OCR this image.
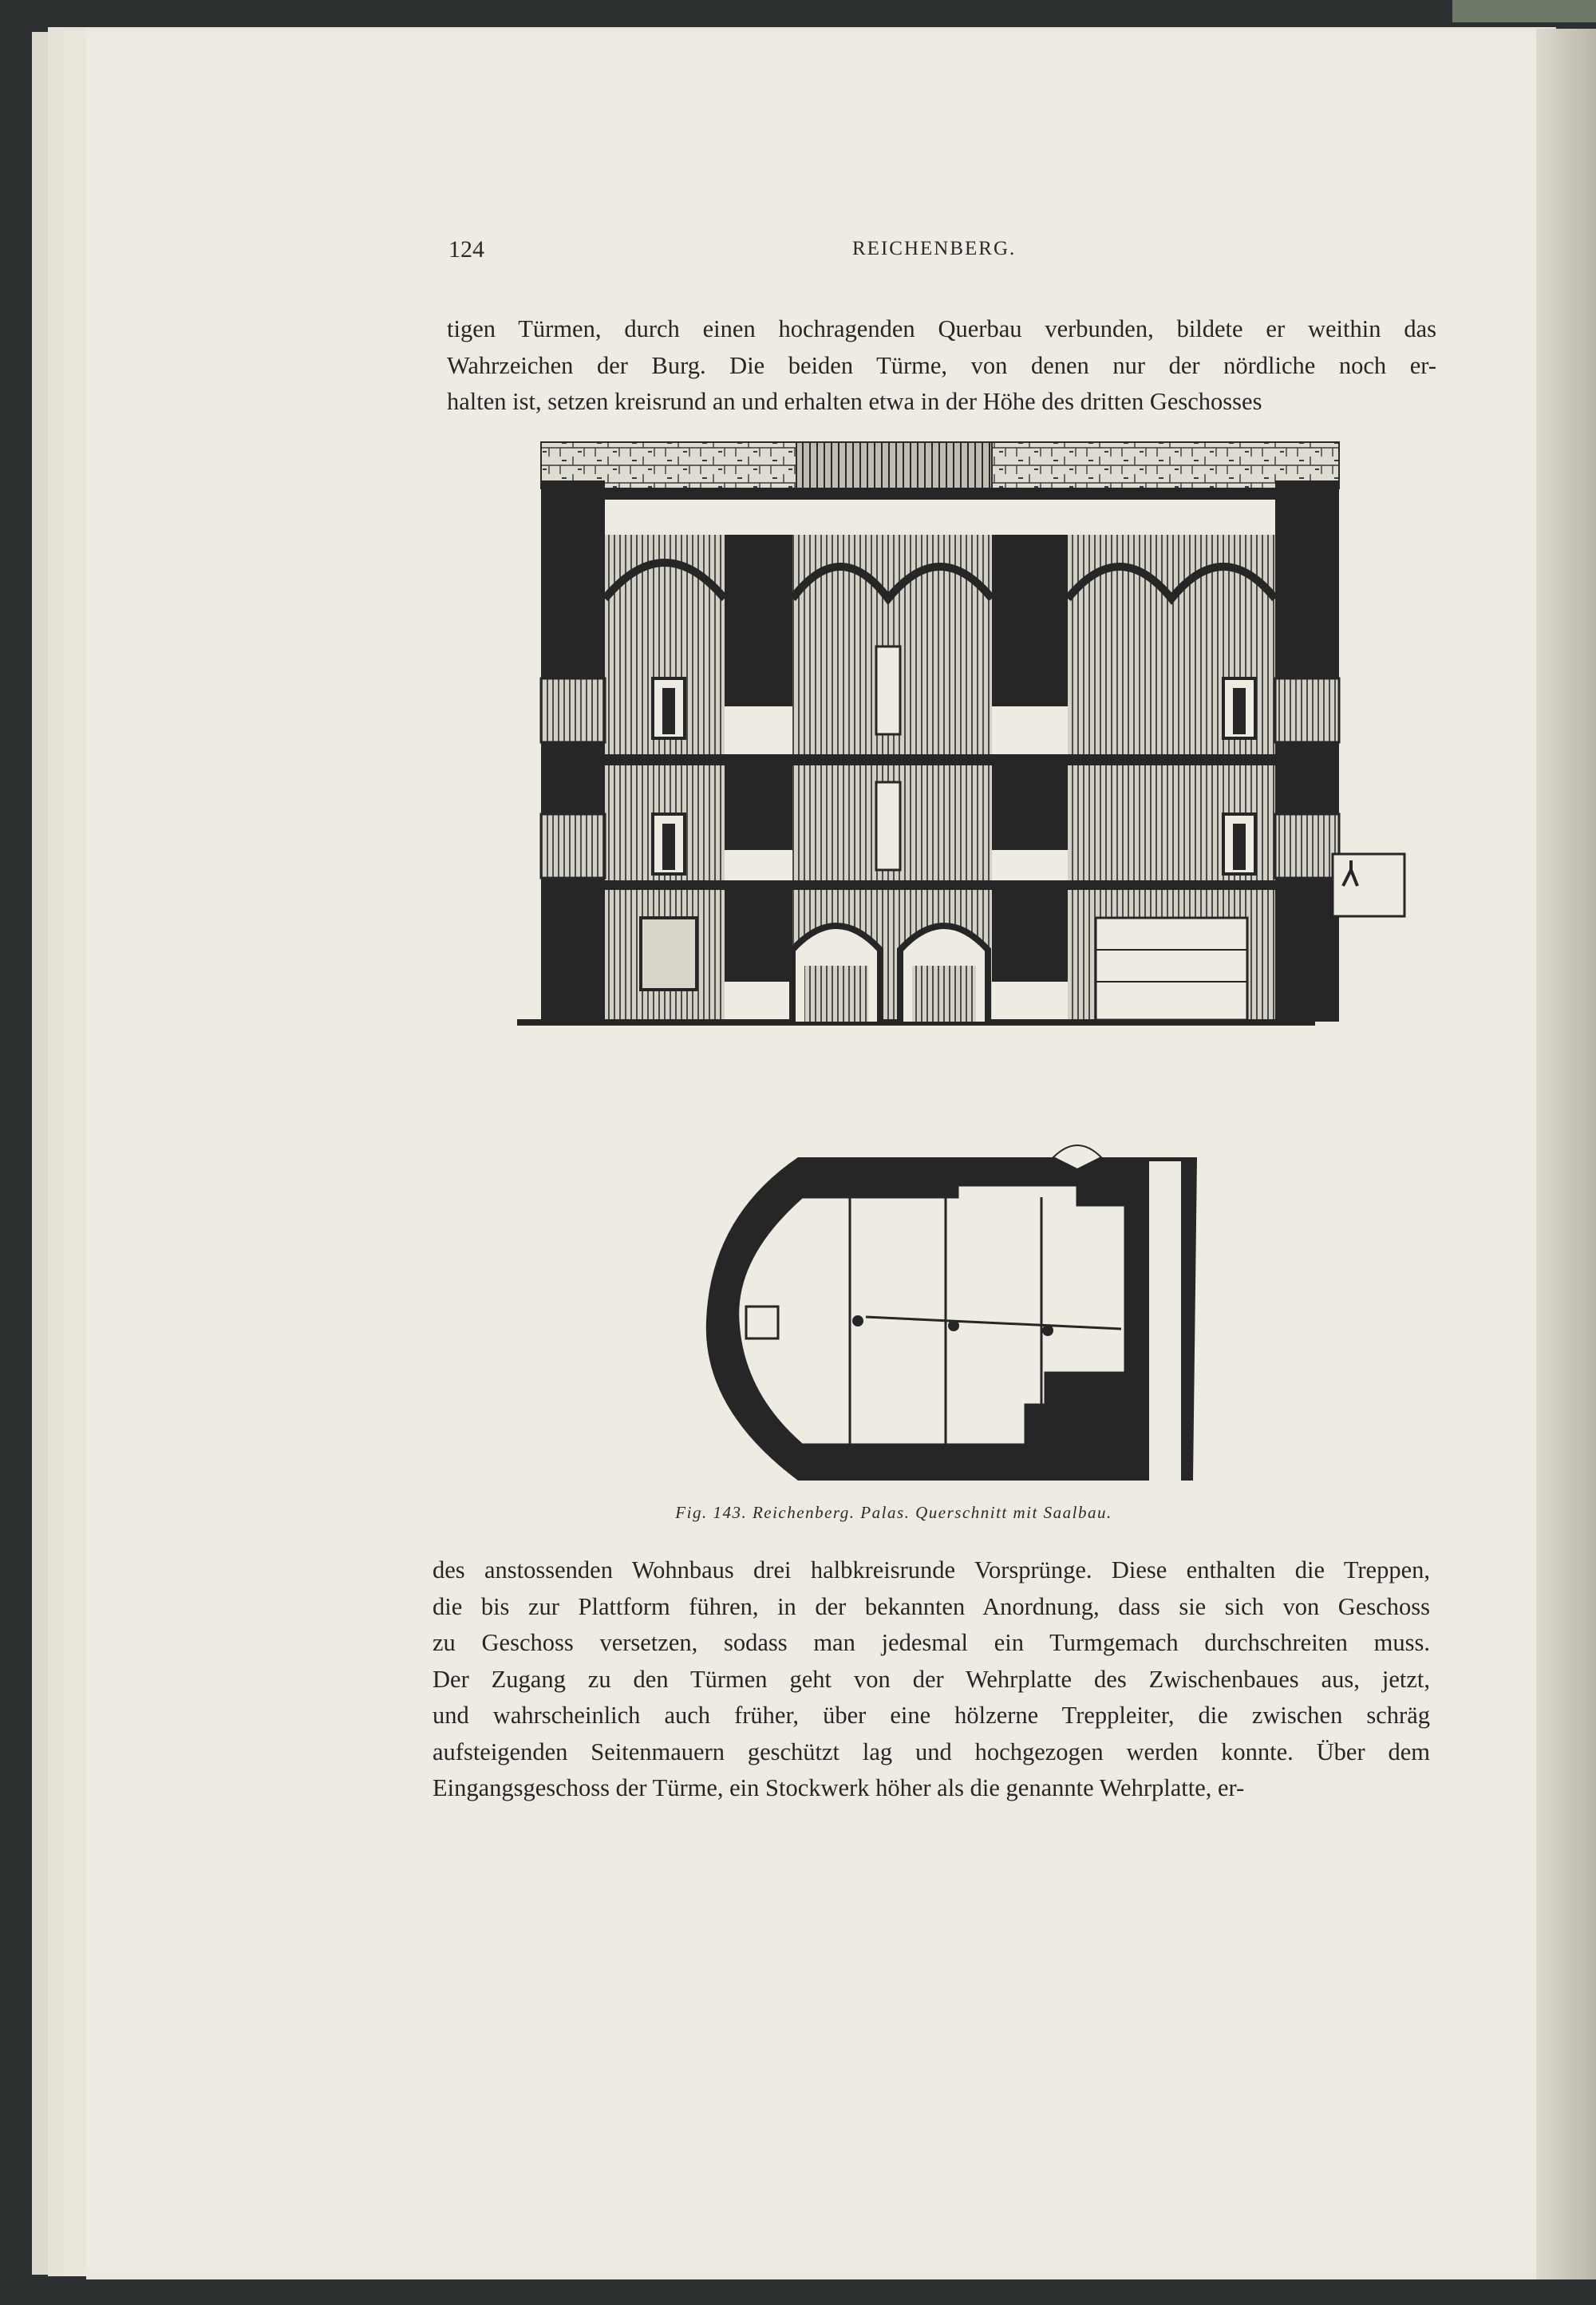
124	REICHENBERG.
tigen Türmen, durch einen hochragenden Querbau verbunden, bildete er weithin das
Wahrzeichen der Burg. Die beiden Türme, von denen nur der nördliche noch er-
halten ist, setzen kreisrund an und erhalten etwa in der Höhe des dritten Geschosses
Fig. 143. Reichenberg. Palas. Querschnitt mit Saalbau.
des anstossenden Wohnbaus drei halbkreisrunde Vorsprünge. Diese enthalten die Treppen,
die bis zur Plattform führen, in der bekannten Anordnung, dass sie sich von Geschoss
zu Geschoss versetzen, sodass man jedesmal ein Turmgemach durchschreiten muss.
Der Zugang zu den Türmen geht von der Wehrplatte des Zwischenbaues aus, jetzt,
und wahrscheinlich auch früher, über eine hölzerne Treppleiter, die zwischen schräg
aufsteigenden Seitenmauern geschützt lag und hochgezogen werden konnte. Über dem
Eingangsgeschoss der Türme, ein Stockwerk höher als die genannte Wehrplatte, er-
